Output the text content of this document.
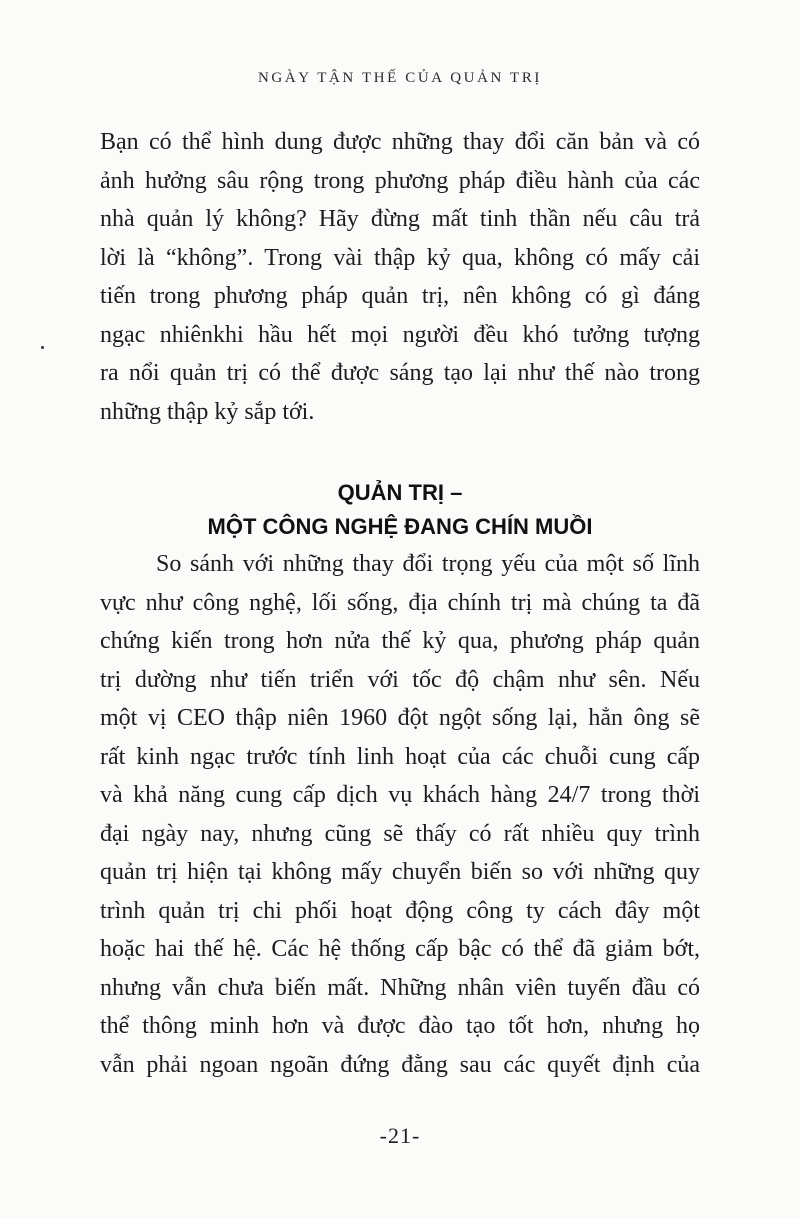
NGÀY TẬN THẾ CỦA QUẢN TRỊ
Bạn có thể hình dung được những thay đổi căn bản và có
ảnh hưởng sâu rộng trong phương pháp điều hành của các
nhà quản lý không? Hãy đừng mất tinh thần nếu câu trả
lời là “không”. Trong vài thập kỷ qua, không có mấy cải
tiến trong phương pháp quản trị, nên không có gì đáng
ngạc nhiênkhi hầu hết mọi người đều khó tưởng tượng
ra nổi quản trị có thể được sáng tạo lại như thế nào trong
những thập kỷ sắp tới.
QUẢN TRỊ –
MỘT CÔNG NGHỆ ĐANG CHÍN MUỒI
So sánh với những thay đổi trọng yếu của một số lĩnh
vực như công nghệ, lối sống, địa chính trị mà chúng ta đã
chứng kiến trong hơn nửa thế kỷ qua, phương pháp quản
trị dường như tiến triển với tốc độ chậm như sên. Nếu
một vị CEO thập niên 1960 đột ngột sống lại, hẳn ông sẽ
rất kinh ngạc trước tính linh hoạt của các chuỗi cung cấp
và khả năng cung cấp dịch vụ khách hàng 24/7 trong thời
đại ngày nay, nhưng cũng sẽ thấy có rất nhiều quy trình
quản trị hiện tại không mấy chuyển biến so với những quy
trình quản trị chi phối hoạt động công ty cách đây một
hoặc hai thế hệ. Các hệ thống cấp bậc có thể đã giảm bớt,
nhưng vẫn chưa biến mất. Những nhân viên tuyến đầu có
thể thông minh hơn và được đào tạo tốt hơn, nhưng họ
vẫn phải ngoan ngoãn đứng đằng sau các quyết định của
-21-
